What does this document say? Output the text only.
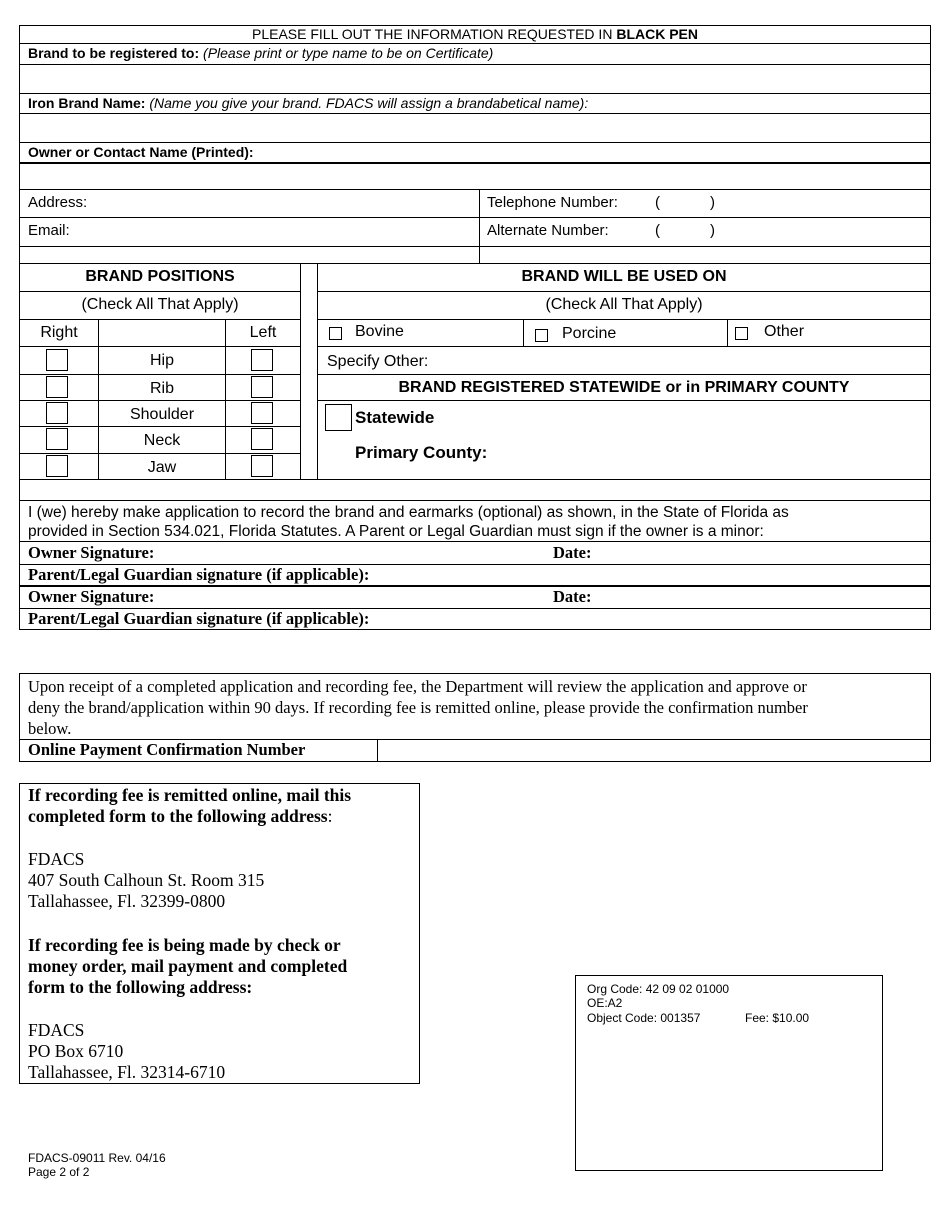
PLEASE FILL OUT THE INFORMATION REQUESTED IN BLACK PEN
Brand to be registered to: (Please print or type name to be on Certificate)
Iron Brand Name: (Name you give your brand. FDACS will assign a brandabetical name):
Owner or Contact Name (Printed):
Address:	Telephone Number: (	)
Email:	Alternate Number:	(	)
BRAND POSITIONS	BRAND WILL BE USED ON
(Check All That Apply)	(Check All That Apply)
Right	Left
Hip
Rib
Shoulder
Neck
Jaw
Bovine	Porcine	Other
Specify Other:
BRAND REGISTERED STATEWIDE or in PRIMARY COUNTY
Statewide
Primary County:
I (we) hereby make application to record the brand and earmarks (optional) as shown, in the State of Florida as
provided in Section 534.021, Florida Statutes. A Parent or Legal Guardian must sign if the owner is a minor:
Owner Signature:	Date:
Parent/Legal Guardian signature (if applicable):
Owner Signature:	Date:
Parent/Legal Guardian signature (if applicable):
Upon receipt of a completed application and recording fee, the Department will review the application and approve or
deny the brand/application within 90 days. If recording fee is remitted online, please provide the confirmation number
below.
Online Payment Confirmation Number
If recording fee is remitted online, mail this
completed form to the following address:
FDACS
407 South Calhoun St. Room 315
Tallahassee, Fl. 32399-0800
If recording fee is being made by check or
money order, mail payment and completed
form to the following address:
FDACS
PO Box 6710
Tallahassee, Fl. 32314-6710
Org Code: 42 09 02 01000
OE:A2
Object Code: 001357	Fee: $10.00
FDACS-09011 Rev. 04/16
Page 2 of 2
